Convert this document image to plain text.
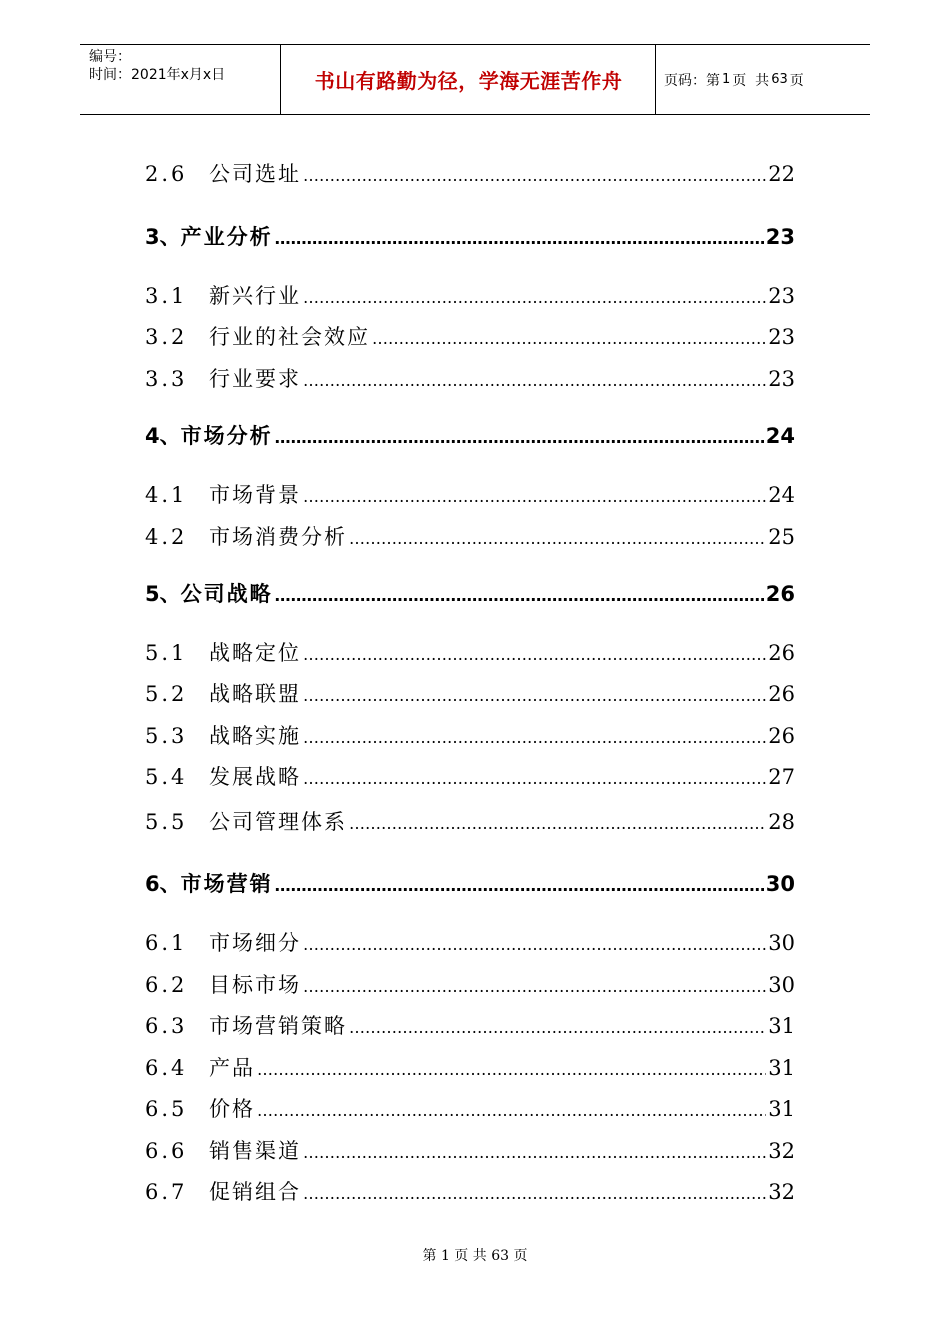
编号：
时间：2021年x月x日	书山有路勤为径，学海无涯苦作舟	页码：第 1 页  共 63 页
2.6	公司选址 …………………………………………………………………………………………………………………………………………………………………………………………	22
3、 产业分析 …………………………………………………………………………………………………………………………………………………………………………………………	23
3.1	新兴行业 …………………………………………………………………………………………………………………………………………………………………………………………	23
3.2	行业的社会效应 …………………………………………………………………………………………………………………………………………………………………………………………	23
3.3	行业要求 …………………………………………………………………………………………………………………………………………………………………………………………	23
4、 市场分析 …………………………………………………………………………………………………………………………………………………………………………………………	24
4.1	市场背景 …………………………………………………………………………………………………………………………………………………………………………………………	24
4.2	市场消费分析 …………………………………………………………………………………………………………………………………………………………………………………………	25
5、 公司战略 …………………………………………………………………………………………………………………………………………………………………………………………	26
5.1	战略定位 …………………………………………………………………………………………………………………………………………………………………………………………	26
5.2	战略联盟 …………………………………………………………………………………………………………………………………………………………………………………………	26
5.3	战略实施 …………………………………………………………………………………………………………………………………………………………………………………………	26
5.4	发展战略 …………………………………………………………………………………………………………………………………………………………………………………………	27
5.5	公司管理体系 …………………………………………………………………………………………………………………………………………………………………………………………	28
6、 市场营销 …………………………………………………………………………………………………………………………………………………………………………………………	30
6.1	市场细分 …………………………………………………………………………………………………………………………………………………………………………………………	30
6.2	目标市场 …………………………………………………………………………………………………………………………………………………………………………………………	30
6.3	市场营销策略 …………………………………………………………………………………………………………………………………………………………………………………………	31
6.4	产品 …………………………………………………………………………………………………………………………………………………………………………………………	31
6.5	价格 …………………………………………………………………………………………………………………………………………………………………………………………	31
6.6	销售渠道 …………………………………………………………………………………………………………………………………………………………………………………………	32
6.7	促销组合 …………………………………………………………………………………………………………………………………………………………………………………………	32
第 1 页 共 63 页
